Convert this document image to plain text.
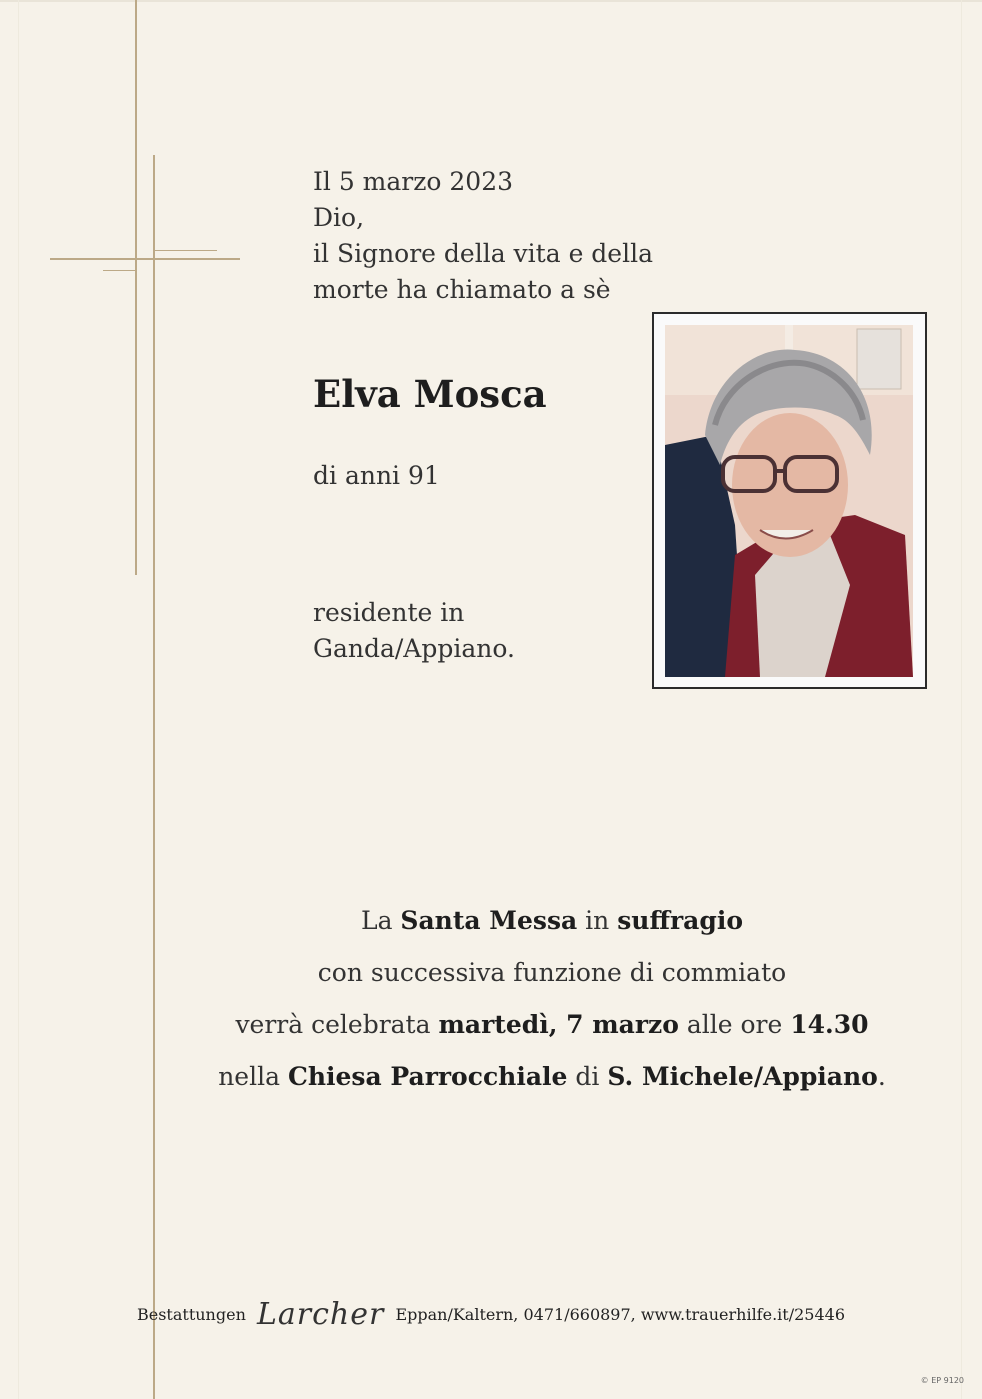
Il 5 marzo 2023
Dio,
il Signore della vita e della
morte ha chiamato a sè
Elva Mosca
di anni 91
residente in
Ganda/Appiano.
La Santa Messa in suffragio
con successiva funzione di commiato
verrà celebrata martedì, 7 marzo alle ore 14.30
nella Chiesa Parrocchiale di S. Michele/Appiano.
Bestattungen Larcher Eppan/Kaltern, 0471/660897, www.trauerhilfe.it/25446
© EP 9120
